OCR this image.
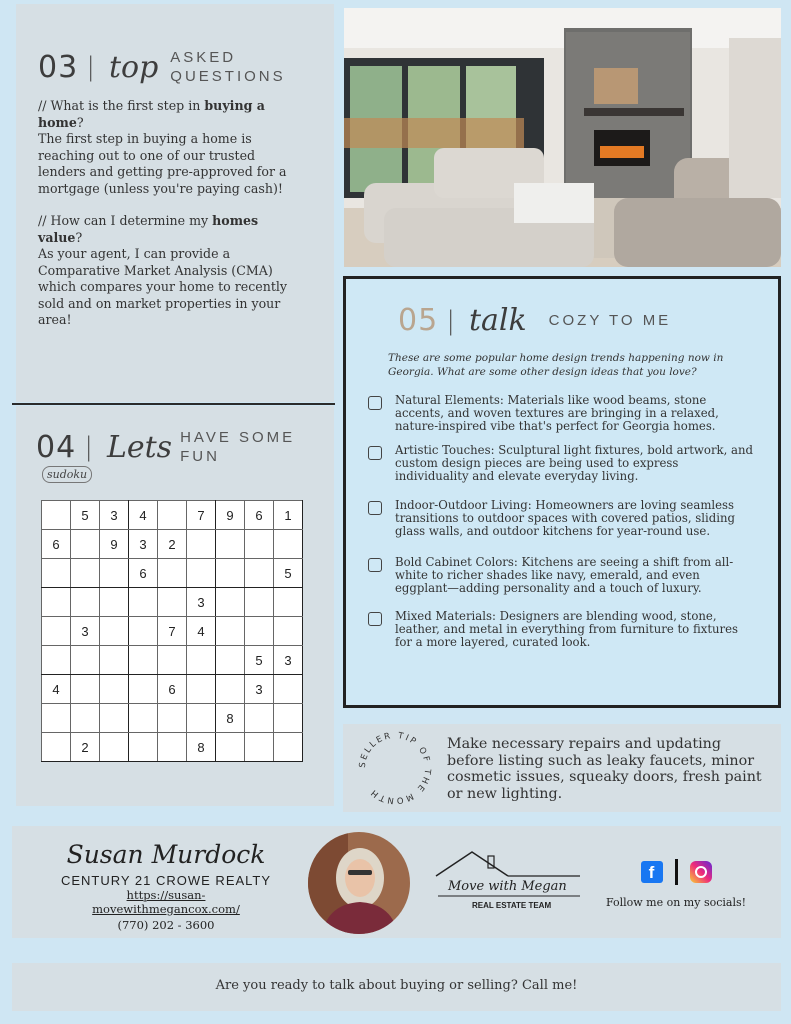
03 | top ASKED
QUESTIONS

// What is the first step in buying a home?
The first step in buying a home is reaching out to one of our trusted lenders and getting pre-approved for a mortgage (unless you're paying cash)!

// How can I determine my homes value?
As your agent, I can provide a Comparative Market Analysis (CMA) which compares your home to recently sold and on market properties in your area!

04 | Lets HAVE SOME FUN
sudoku
	5	3	4		7	9	6	1
6		9	3	2				
			6					5
					3			
	3			7	4			
							5	3
4				6			3	
						8		
	2				8			
05 | talk COZY TO ME
These are some popular home design trends happening now in Georgia. What are some other design ideas that you love?
Natural Elements: Materials like wood beams, stone accents, and woven textures are bringing in a relaxed, nature-inspired vibe that's perfect for Georgia homes.
Artistic Touches: Sculptural light fixtures, bold artwork, and custom design pieces are being used to express individuality and elevate everyday living.
Indoor-Outdoor Living: Homeowners are loving seamless transitions to outdoor spaces with covered patios, sliding glass walls, and outdoor kitchens for year-round use.
Bold Cabinet Colors: Kitchens are seeing a shift from all-white to richer shades like navy, emerald, and even eggplant—adding personality and a touch of luxury.
Mixed Materials: Designers are blending wood, stone, leather, and metal in everything from furniture to fixtures for a more layered, curated look.
SELLER TIP OF THE MONTH
Make necessary repairs and updating before listing such as leaky faucets, minor cosmetic issues, squeaky doors, fresh paint or new lighting.
Susan Murdock
CENTURY 21 CROWE REALTY
https://susan-
movewithmegancox.com/
(770) 202 - 3600
Move with Megan
REAL ESTATE TEAM
f
Follow me on my socials!
Are you ready to talk about buying or selling? Call me!
